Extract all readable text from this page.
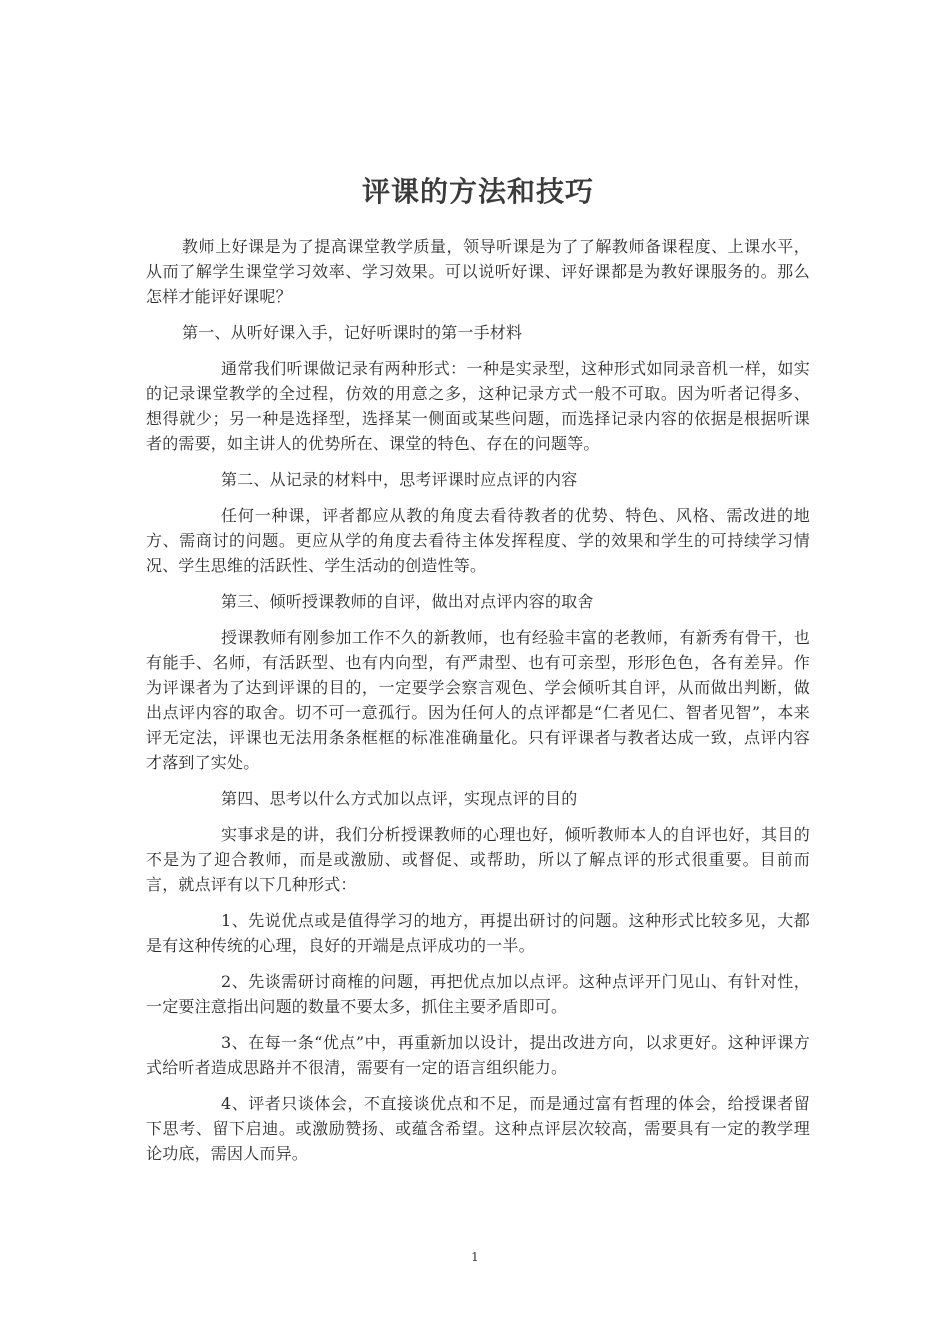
评课的方法和技巧

教师上好课是为了提高课堂教学质量，领导听课是为了了解教师备课程度、上课水平，从而了解学生课堂学习效率、学习效果。可以说听好课、评好课都是为教好课服务的。那么怎样才能评好课呢？

第一、从听好课入手，记好听课时的第一手材料

通常我们听课做记录有两种形式：一种是实录型，这种形式如同录音机一样，如实的记录课堂教学的全过程，仿效的用意之多，这种记录方式一般不可取。因为听者记得多、想得就少；另一种是选择型，选择某一侧面或某些问题，而选择记录内容的依据是根据听课者的需要，如主讲人的优势所在、课堂的特色、存在的问题等。

第二、从记录的材料中，思考评课时应点评的内容

任何一种课，评者都应从教的角度去看待教者的优势、特色、风格、需改进的地方、需商讨的问题。更应从学的角度去看待主体发挥程度、学的效果和学生的可持续学习情况、学生思维的活跃性、学生活动的创造性等。

第三、倾听授课教师的自评，做出对点评内容的取舍

授课教师有刚参加工作不久的新教师，也有经验丰富的老教师，有新秀有骨干，也有能手、名师，有活跃型、也有内向型，有严肃型、也有可亲型，形形色色，各有差异。作为评课者为了达到评课的目的，一定要学会察言观色、学会倾听其自评，从而做出判断，做出点评内容的取舍。切不可一意孤行。因为任何人的点评都是“仁者见仁、智者见智”，本来评无定法，评课也无法用条条框框的标准准确量化。只有评课者与教者达成一致，点评内容才落到了实处。

第四、思考以什么方式加以点评，实现点评的目的

实事求是的讲，我们分析授课教师的心理也好，倾听教师本人的自评也好，其目的不是为了迎合教师，而是或激励、或督促、或帮助，所以了解点评的形式很重要。目前而言，就点评有以下几种形式：

1、先说优点或是值得学习的地方，再提出研讨的问题。这种形式比较多见，大都是有这种传统的心理，良好的开端是点评成功的一半。

2、先谈需研讨商榷的问题，再把优点加以点评。这种点评开门见山、有针对性，一定要注意指出问题的数量不要太多，抓住主要矛盾即可。

3、在每一条“优点”中，再重新加以设计，提出改进方向，以求更好。这种评课方式给听者造成思路并不很清，需要有一定的语言组织能力。

4、评者只谈体会，不直接谈优点和不足，而是通过富有哲理的体会，给授课者留下思考、留下启迪。或激励赞扬、或蕴含希望。这种点评层次较高，需要具有一定的教学理论功底，需因人而异。

1
